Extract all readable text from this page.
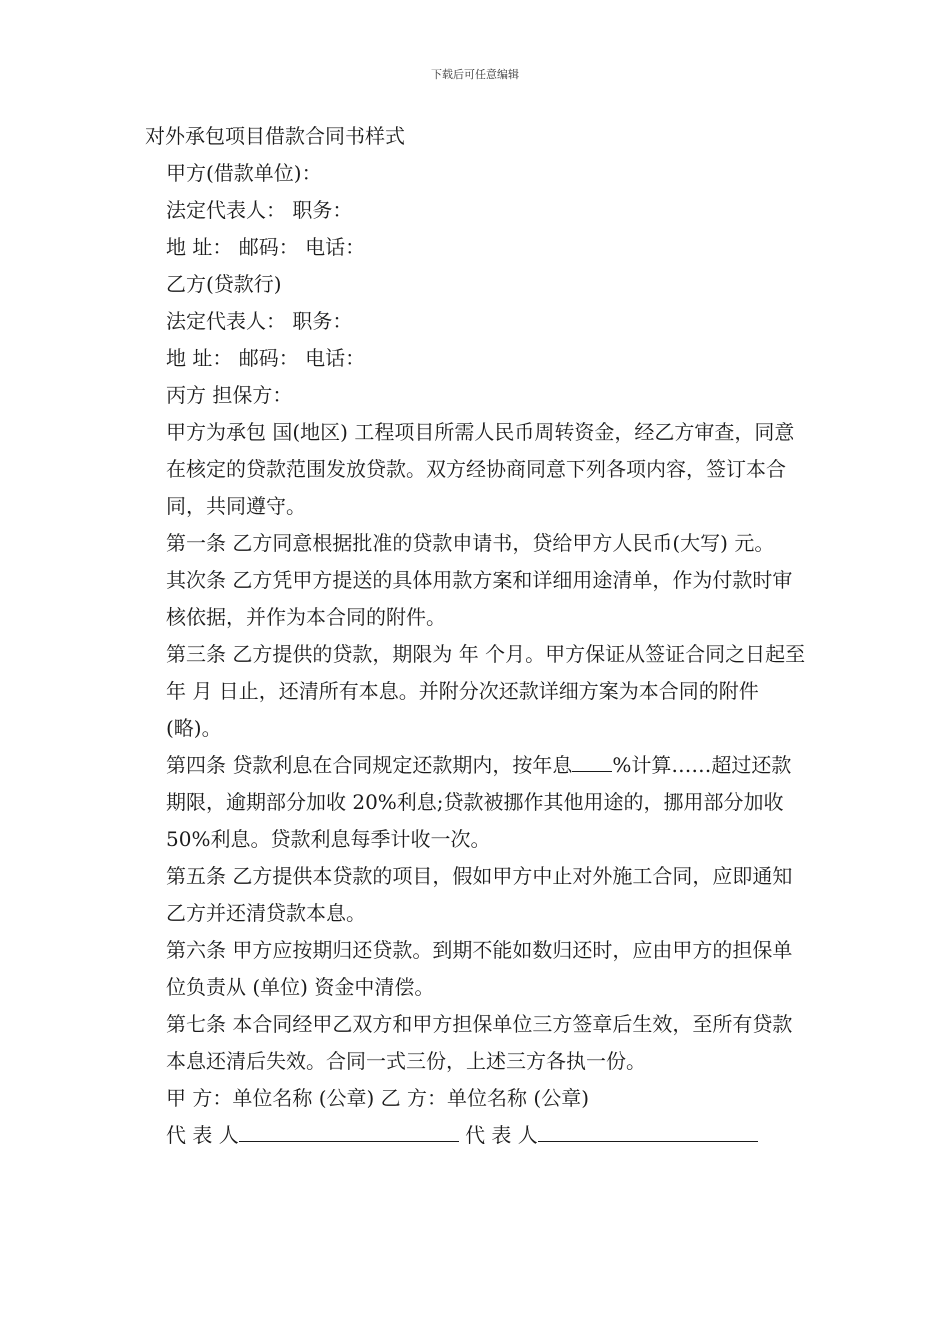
下载后可任意编辑

对外承包项目借款合同书样式

甲方(借款单位)：

法定代表人： 职务：

地 址： 邮码： 电话：

乙方(贷款行)

法定代表人： 职务：

地 址： 邮码： 电话：

丙方 担保方：

甲方为承包 国(地区) 工程项目所需人民币周转资金，经乙方审查，同意在核定的贷款范围发放贷款。双方经协商同意下列各项内容，签订本合同，共同遵守。

第一条 乙方同意根据批准的贷款申请书，贷给甲方人民币(大写) 元。

其次条 乙方凭甲方提送的具体用款方案和详细用途清单，作为付款时审核依据，并作为本合同的附件。

第三条 乙方提供的贷款，期限为 年 个月。甲方保证从签证合同之日起至 年 月 日止，还清所有本息。并附分次还款详细方案为本合同的附件(略)。

第四条 贷款利息在合同规定还款期内，按年息 %计算……超过还款期限，逾期部分加收 20%利息;贷款被挪作其他用途的，挪用部分加收 50%利息。贷款利息每季计收一次。

第五条 乙方提供本贷款的项目，假如甲方中止对外施工合同，应即通知乙方并还清贷款本息。

第六条 甲方应按期归还贷款。到期不能如数归还时，应由甲方的担保单位负责从 (单位) 资金中清偿。

第七条 本合同经甲乙双方和甲方担保单位三方签章后生效，至所有贷款本息还清后失效。合同一式三份，上述三方各执一份。

甲 方：单位名称 (公章) 乙 方：单位名称 (公章)

代 表 人	代 表 人
